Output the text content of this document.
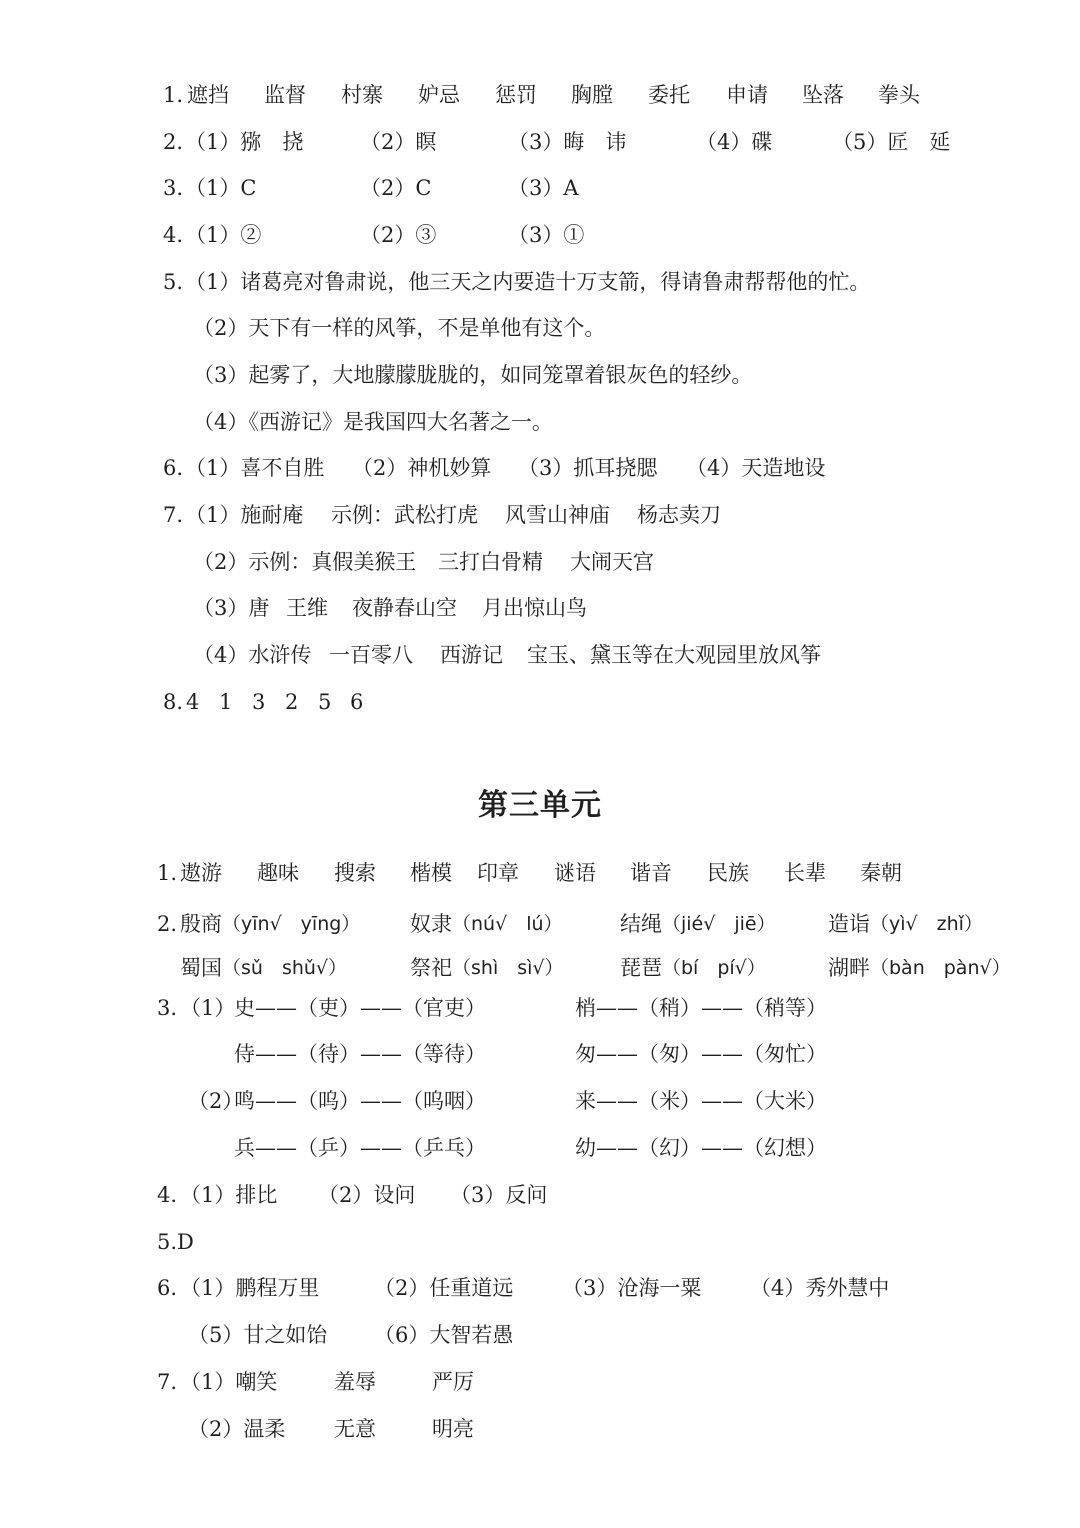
1. 遮挡 监督 村寨 妒忌 惩罚 胸膛 委托 申请 坠落 拳头
2. （1）猕　挠	（2）瞑	（3）晦　讳	（4）碟	（5）匠　延
3. （1）C	（2）C	（3）A
4. （1）②	（2）③	（3）①
5. （1）诸葛亮对鲁肃说，他三天之内要造十万支箭，得请鲁肃帮帮他的忙。
（2）天下有一样的风筝，不是单他有这个。
（3）起雾了，大地朦朦胧胧的，如同笼罩着银灰色的轻纱。
（4）《西游记》是我国四大名著之一。
6. （1）喜不自胜 （2）神机妙算 （3）抓耳挠腮 （4）天造地设
7. （1）施耐庵 示例：武松打虎 风雪山神庙 杨志卖刀
（2）示例：真假美猴王 三打白骨精 大闹天宫
（3）唐 王维 夜静春山空 月出惊山鸟
（4）水浒传 一百零八 西游记 宝玉、黛玉等在大观园里放风筝
8. 4 1 3 2 5 6
第三单元
1. 遨游 趣味 搜索 楷模 印章 谜语 谐音 民族 长辈 秦朝
2. 殷商 （yīn√　yīng） 奴隶 （nú√　lú）	结绳 （jié√　jiē） 造诣 （yì√　zhǐ）
蜀国 （sǔ　shǔ√）	祭祀 （shì　sì√）	琵琶 （bí　pí√）	湖畔 （bàn　pàn√）
3. （1）
史——（吏）——（官吏）	梢——（稍）——（稍等）
侍——（待）——（等待）	匆——（匆）——（匆忙）
（2）
鸣——（呜）——（呜咽）	来——（米）——（大米）
兵——（乒）——（乒乓）	幼——（幻）——（幻想）
4. （1）排比 （2）设问 （3）反问
5. D
6. （1）鹏程万里	（2）任重道远 （3）沧海一粟 （4）秀外慧中
（5）甘之如饴 （6）大智若愚
7. （1）嘲笑	羞辱	严厉
（2）温柔 无意	明亮
